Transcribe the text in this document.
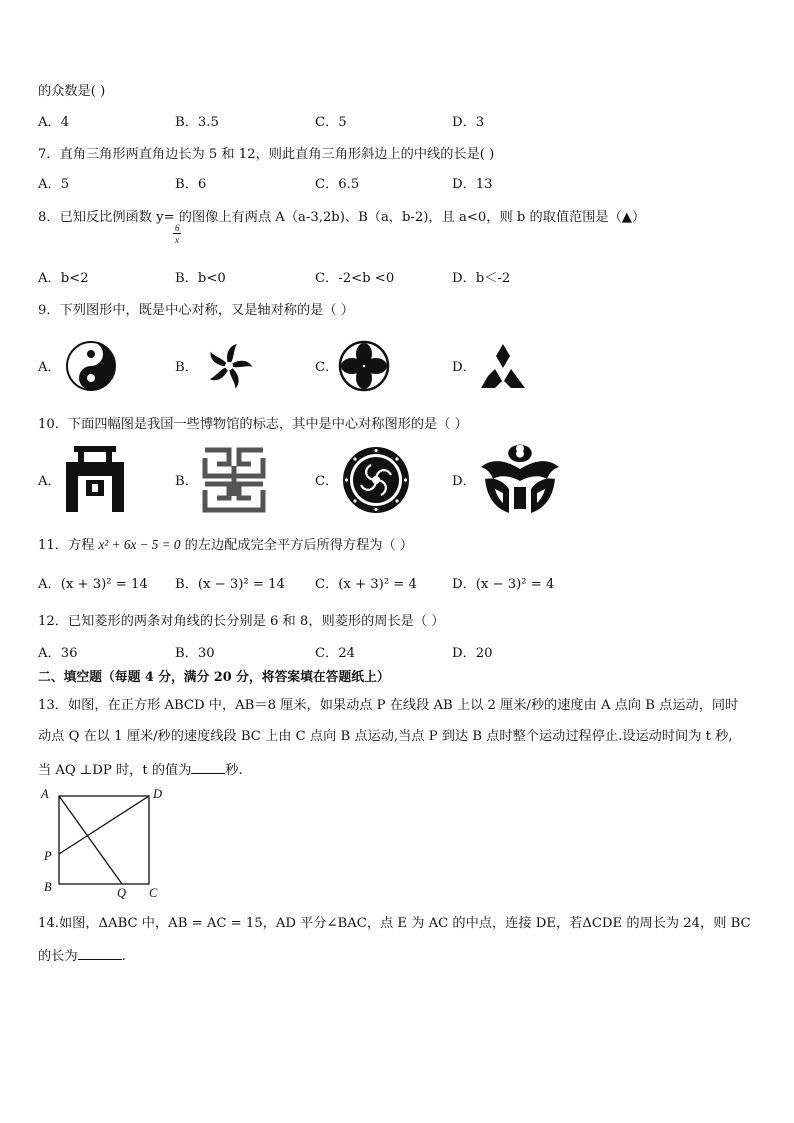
的众数是( )
A．4	B．3.5	C．5	D．3
7．直角三角形两直角边长为 5 和 12，则此直角三角形斜边上的中线的长是( )
A．5	B．6	C．6.5	D．13
8．已知反比例函数 y= 的图像上有两点 A（a-3,2b)、B（a，b-2)，且 a<0，则 b 的取值范围是（▲）
6
x
A．b<2	B．b<0	C．-2<b <0	D．b＜-2
9．下列图形中，既是中心对称，又是轴对称的是（ ）
A．	B．	C．	D．
10．下面四幅图是我国一些博物馆的标志，其中是中心对称图形的是（ ）
A．	B．	C．	D．
11．方程 x² + 6x − 5 = 0 的左边配成完全平方后所得方程为（ ）
A．(x + 3)² = 14 B．(x − 3)² = 14 C．(x + 3)² = 4	D．(x − 3)² = 4
12．已知菱形的两条对角线的长分别是 6 和 8，则菱形的周长是（ ）
A．36	B．30	C．24	D．20
二、填空题（每题 4 分，满分 20 分，将答案填在答题纸上）
13．如图，在正方形 ABCD 中，AB＝8 厘米，如果动点 P 在线段 AB 上以 2 厘米/秒的速度由 A 点向 B 点运动，同时
动点 Q 在以 1 厘米/秒的速度线段 BC 上由 C 点向 B 点运动,当点 P 到达 B 点时整个运动过程停止.设运动时间为 t 秒,
当 AQ ⊥DP 时，t 的值为	秒.
A	D
P
B	Q C
14.如图，ΔABC 中，AB = AC = 15，AD 平分∠BAC，点 E 为 AC 的中点，连接 DE，若ΔCDE 的周长为 24，则 BC
的长为	.
